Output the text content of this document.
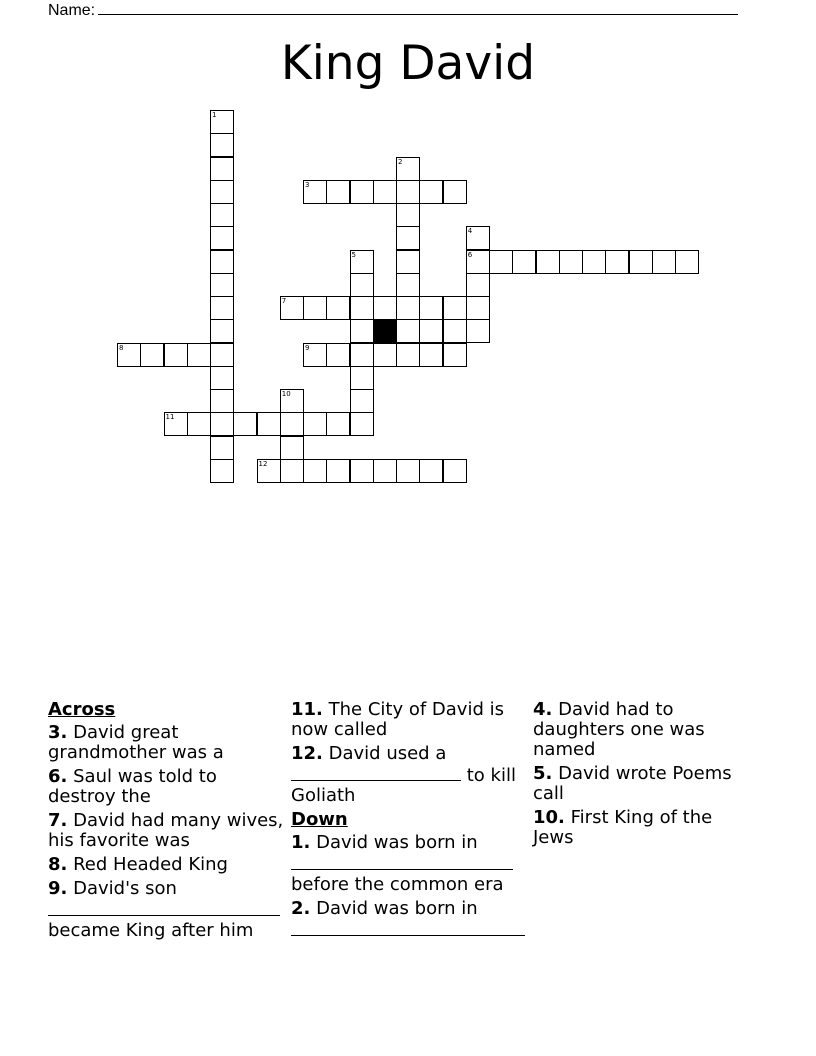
Name:
King David
1
2
3
4
6
5
7
8	9
10
11
12
Across
3. David great grandmother was a
6. Saul was told to destroy the
7. David had many wives, his favorite was
8. Red Headed King
9. David's son

became King after him
11. The City of David is now called
12. David used a
to kill Goliath
Down
1. David was born in

before the common era
2. David was born in

4. David had to daughters one was named
5. David wrote Poems call
10. First King of the Jews
